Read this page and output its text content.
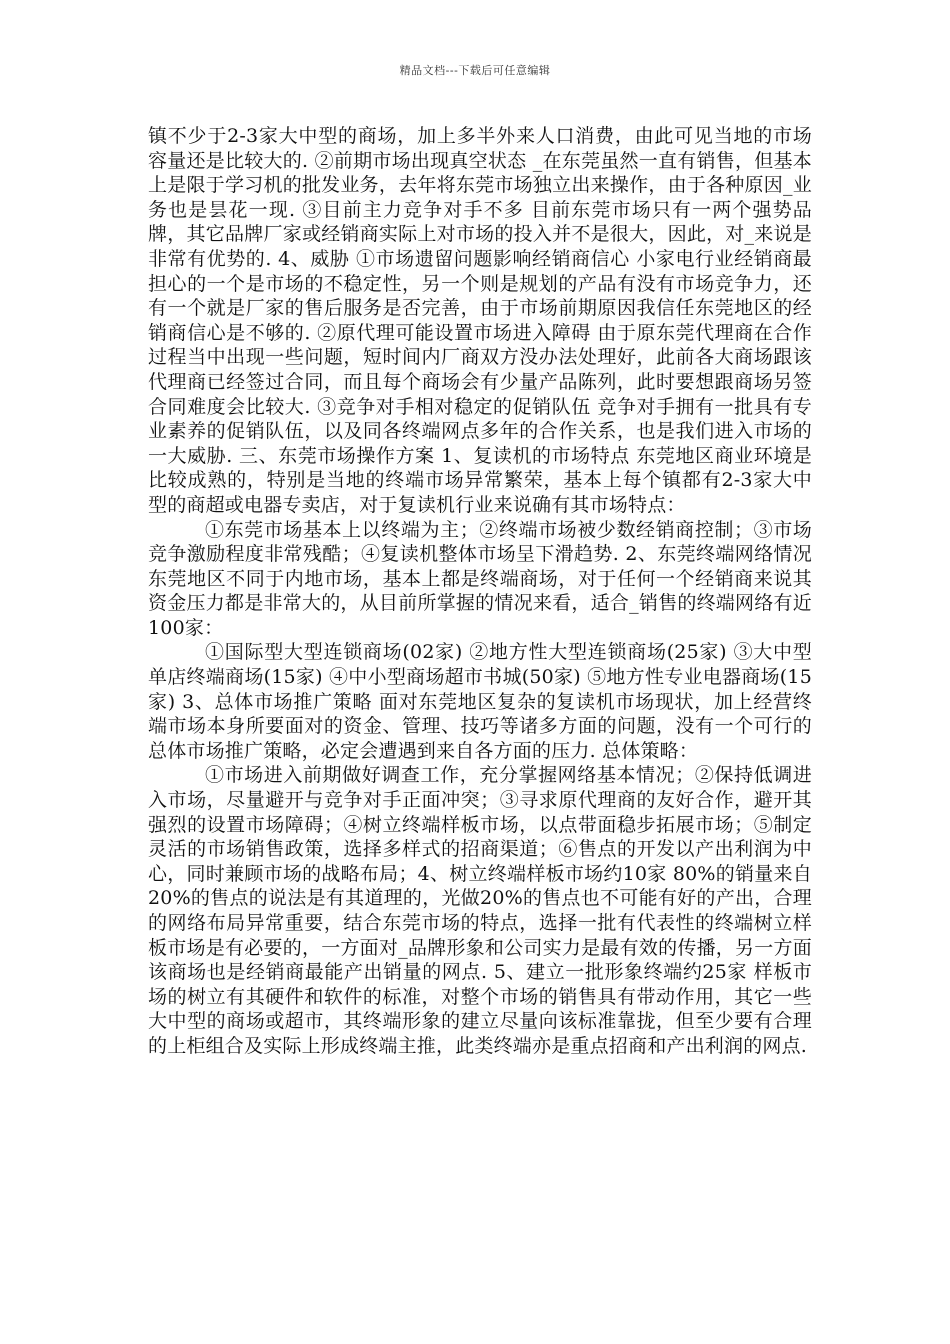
精品文档---下载后可任意编辑

镇不少于2-3家大中型的商场，加上多半外来人口消费，由此可见当地的市场容量还是比较大的. ②前期市场出现真空状态 _在东莞虽然一直有销售，但基本上是限于学习机的批发业务，去年将东莞市场独立出来操作，由于各种原因_业务也是昙花一现. ③目前主力竞争对手不多 目前东莞市场只有一两个强势品牌，其它品牌厂家或经销商实际上对市场的投入并不是很大，因此，对_来说是非常有优势的. 4、威胁 ①市场遗留问题影响经销商信心 小家电行业经销商最担心的一个是市场的不稳定性，另一个则是规划的产品有没有市场竞争力，还有一个就是厂家的售后服务是否完善，由于市场前期原因我信任东莞地区的经销商信心是不够的. ②原代理可能设置市场进入障碍 由于原东莞代理商在合作过程当中出现一些问题，短时间内厂商双方没办法处理好，此前各大商场跟该代理商已经签过合同，而且每个商场会有少量产品陈列，此时要想跟商场另签合同难度会比较大. ③竞争对手相对稳定的促销队伍 竞争对手拥有一批具有专业素养的促销队伍，以及同各终端网点多年的合作关系，也是我们进入市场的一大威胁. 三、东莞市场操作方案 1、复读机的市场特点 东莞地区商业环境是比较成熟的，特别是当地的终端市场异常繁荣，基本上每个镇都有2-3家大中型的商超或电器专卖店，对于复读机行业来说确有其市场特点：

①东莞市场基本上以终端为主；②终端市场被少数经销商控制；③市场竞争激励程度非常残酷；④复读机整体市场呈下滑趋势. 2、东莞终端网络情况 东莞地区不同于内地市场，基本上都是终端商场，对于任何一个经销商来说其资金压力都是非常大的，从目前所掌握的情况来看，适合_销售的终端网络有近100家：

①国际型大型连锁商场(02家) ②地方性大型连锁商场(25家) ③大中型单店终端商场(15家) ④中小型商场超市书城(50家) ⑤地方性专业电器商场(15家) 3、总体市场推广策略 面对东莞地区复杂的复读机市场现状，加上经营终端市场本身所要面对的资金、管理、技巧等诸多方面的问题，没有一个可行的总体市场推广策略，必定会遭遇到来自各方面的压力. 总体策略：

①市场进入前期做好调查工作，充分掌握网络基本情况；②保持低调进入市场，尽量避开与竞争对手正面冲突；③寻求原代理商的友好合作，避开其强烈的设置市场障碍；④树立终端样板市场，以点带面稳步拓展市场；⑤制定灵活的市场销售政策，选择多样式的招商渠道；⑥售点的开发以产出利润为中心，同时兼顾市场的战略布局；4、树立终端样板市场约10家 80%的销量来自20%的售点的说法是有其道理的，光做20%的售点也不可能有好的产出，合理的网络布局异常重要，结合东莞市场的特点，选择一批有代表性的终端树立样板市场是有必要的，一方面对_品牌形象和公司实力是最有效的传播，另一方面该商场也是经销商最能产出销量的网点. 5、建立一批形象终端约25家 样板市场的树立有其硬件和软件的标准，对整个市场的销售具有带动作用，其它一些大中型的商场或超市，其终端形象的建立尽量向该标准靠拢，但至少要有合理的上柜组合及实际上形成终端主推，此类终端亦是重点招商和产出利润的网点.
